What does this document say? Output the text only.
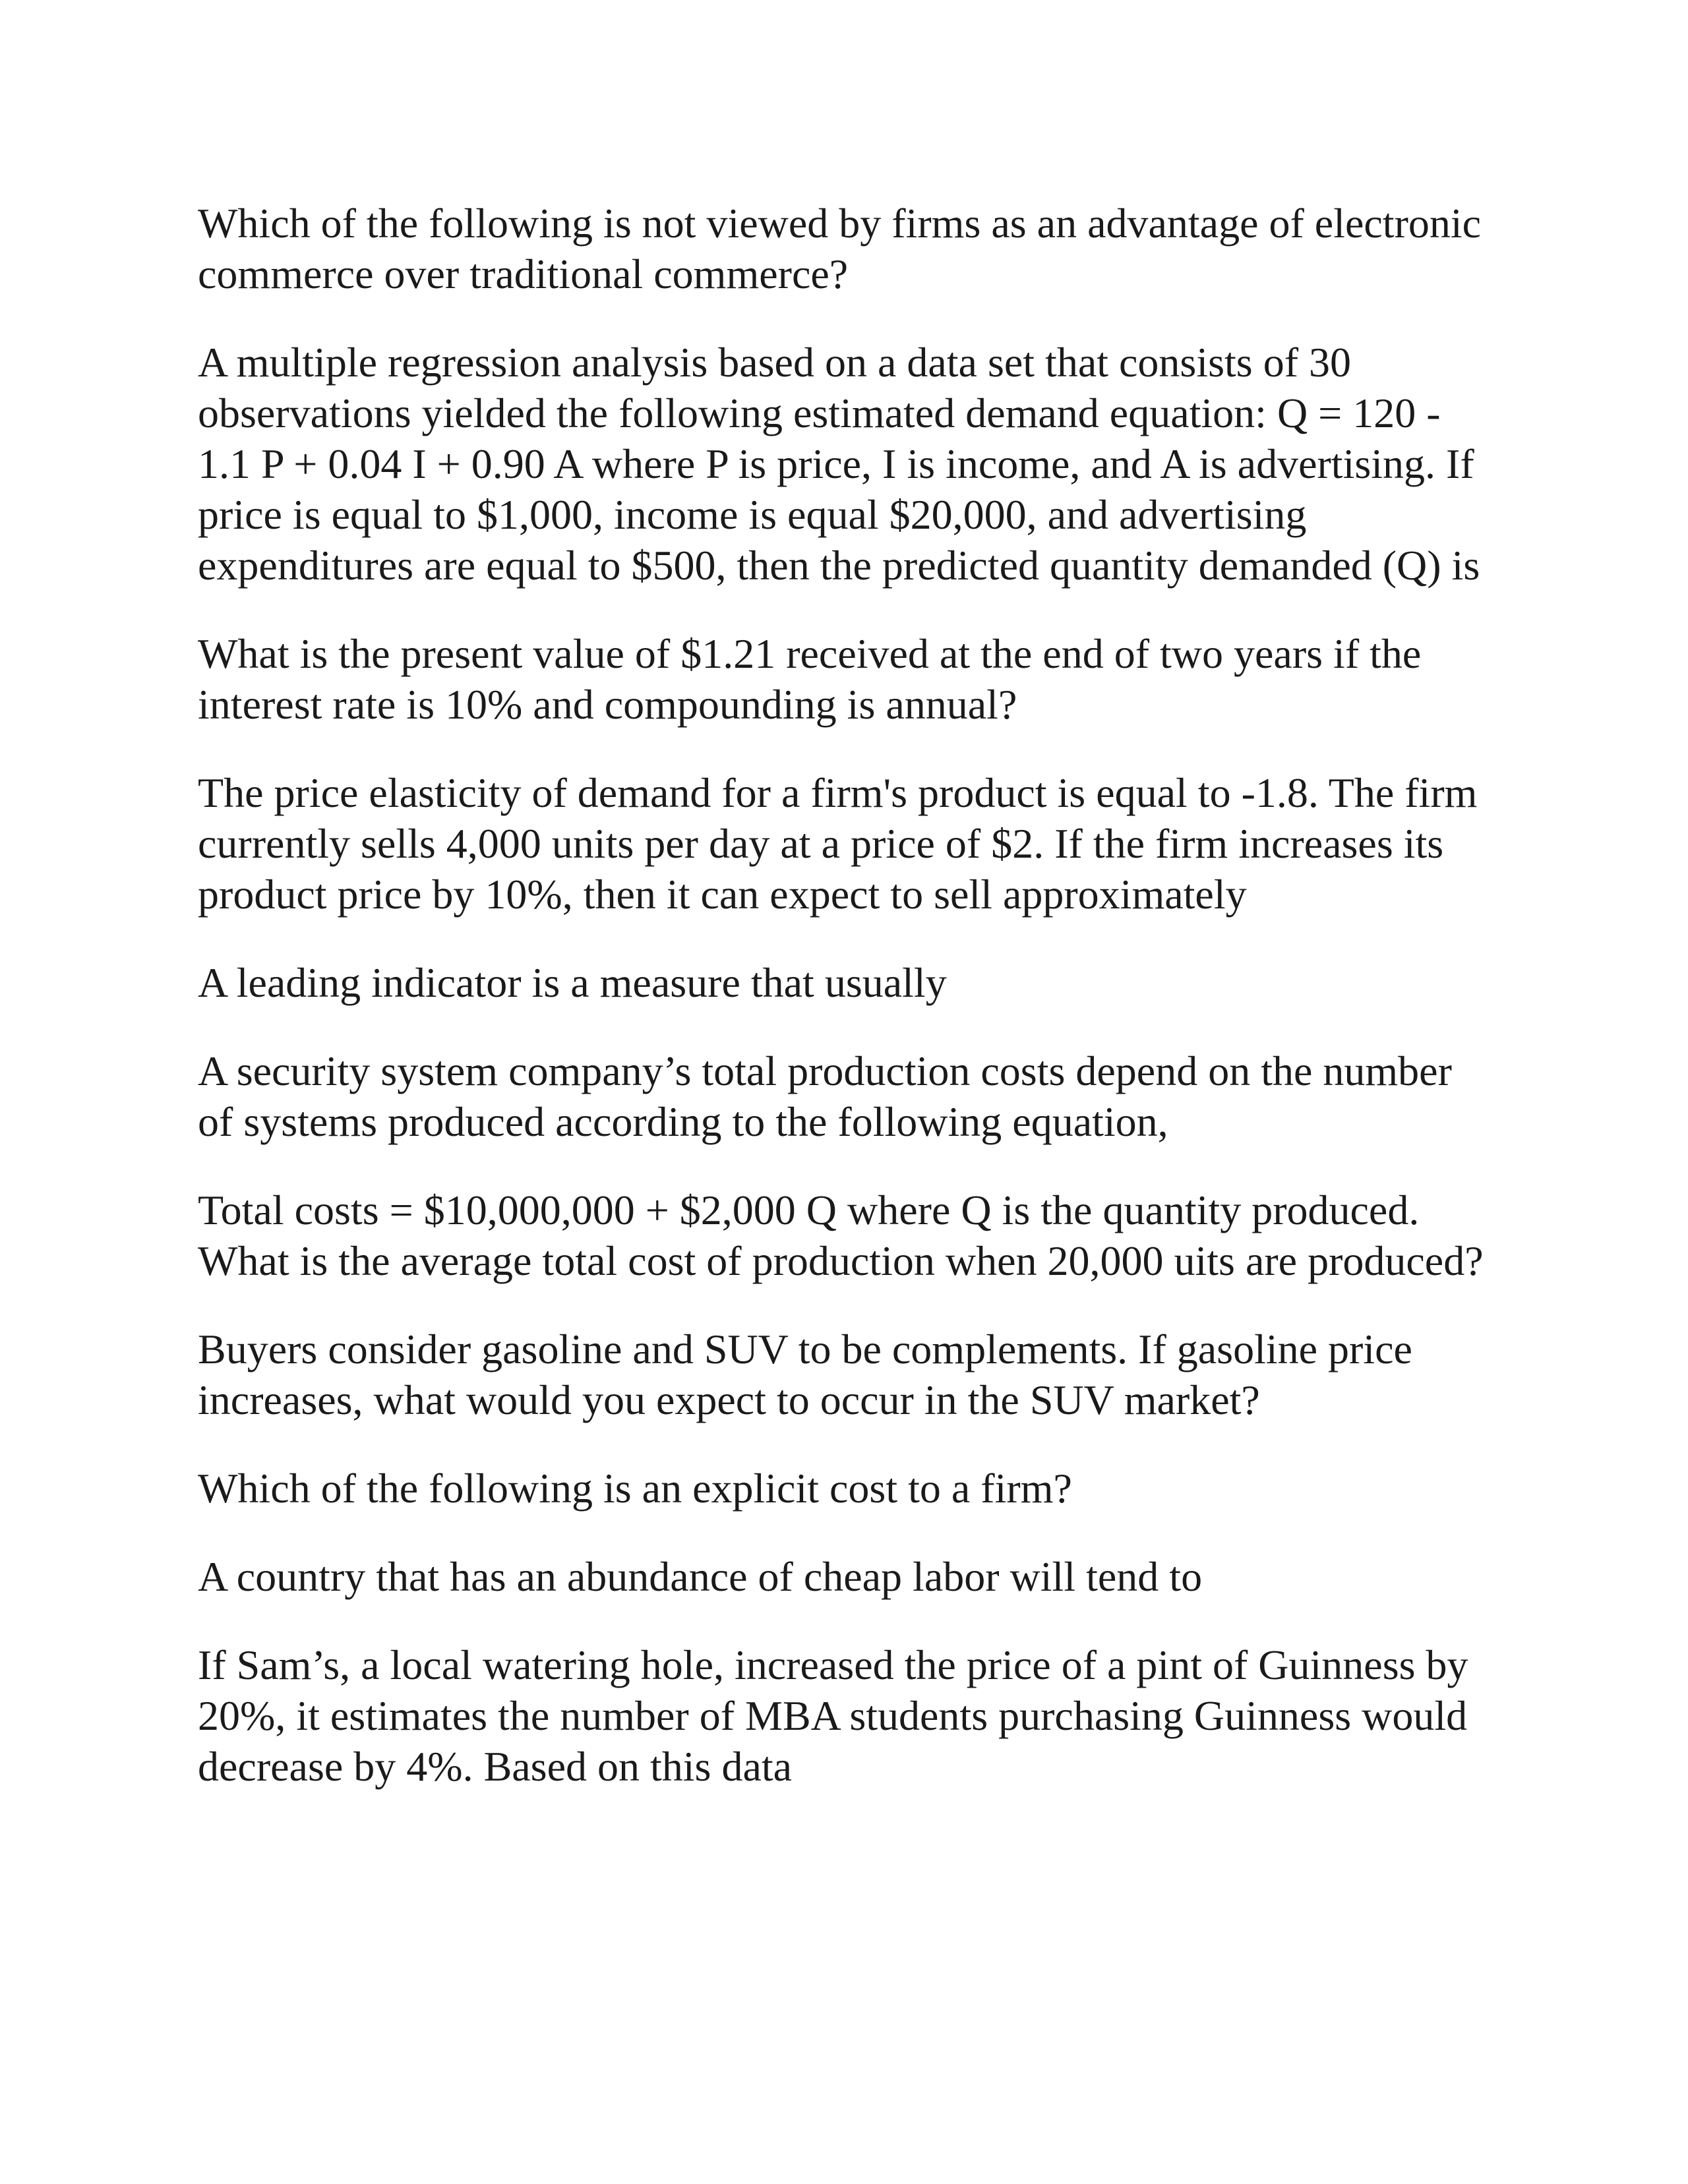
Which of the following is not viewed by firms as an advantage of electronic commerce over traditional commerce?

A multiple regression analysis based on a data set that consists of 30 observations yielded the following estimated demand equation: Q = 120 - 1.1 P + 0.04 I + 0.90 A where P is price, I is income, and A is advertising. If price is equal to $1,000, income is equal $20,000, and advertising expenditures are equal to $500, then the predicted quantity demanded (Q) is

What is the present value of $1.21 received at the end of two years if the interest rate is 10% and compounding is annual?

The price elasticity of demand for a firm's product is equal to -1.8. The firm currently sells 4,000 units per day at a price of $2. If the firm increases its product price by 10%, then it can expect to sell approximately

A leading indicator is a measure that usually

A security system company’s total production costs depend on the number of systems produced according to the following equation,

Total costs = $10,000,000 + $2,000 Q where Q is the quantity produced. What is the average total cost of production when 20,000 uits are produced?

Buyers consider gasoline and SUV to be complements. If gasoline price increases, what would you expect to occur in the SUV market?

Which of the following is an explicit cost to a firm?

A country that has an abundance of cheap labor will tend to

If Sam’s, a local watering hole, increased the price of a pint of Guinness by 20%, it estimates the number of MBA students purchasing Guinness would decrease by 4%. Based on this data
